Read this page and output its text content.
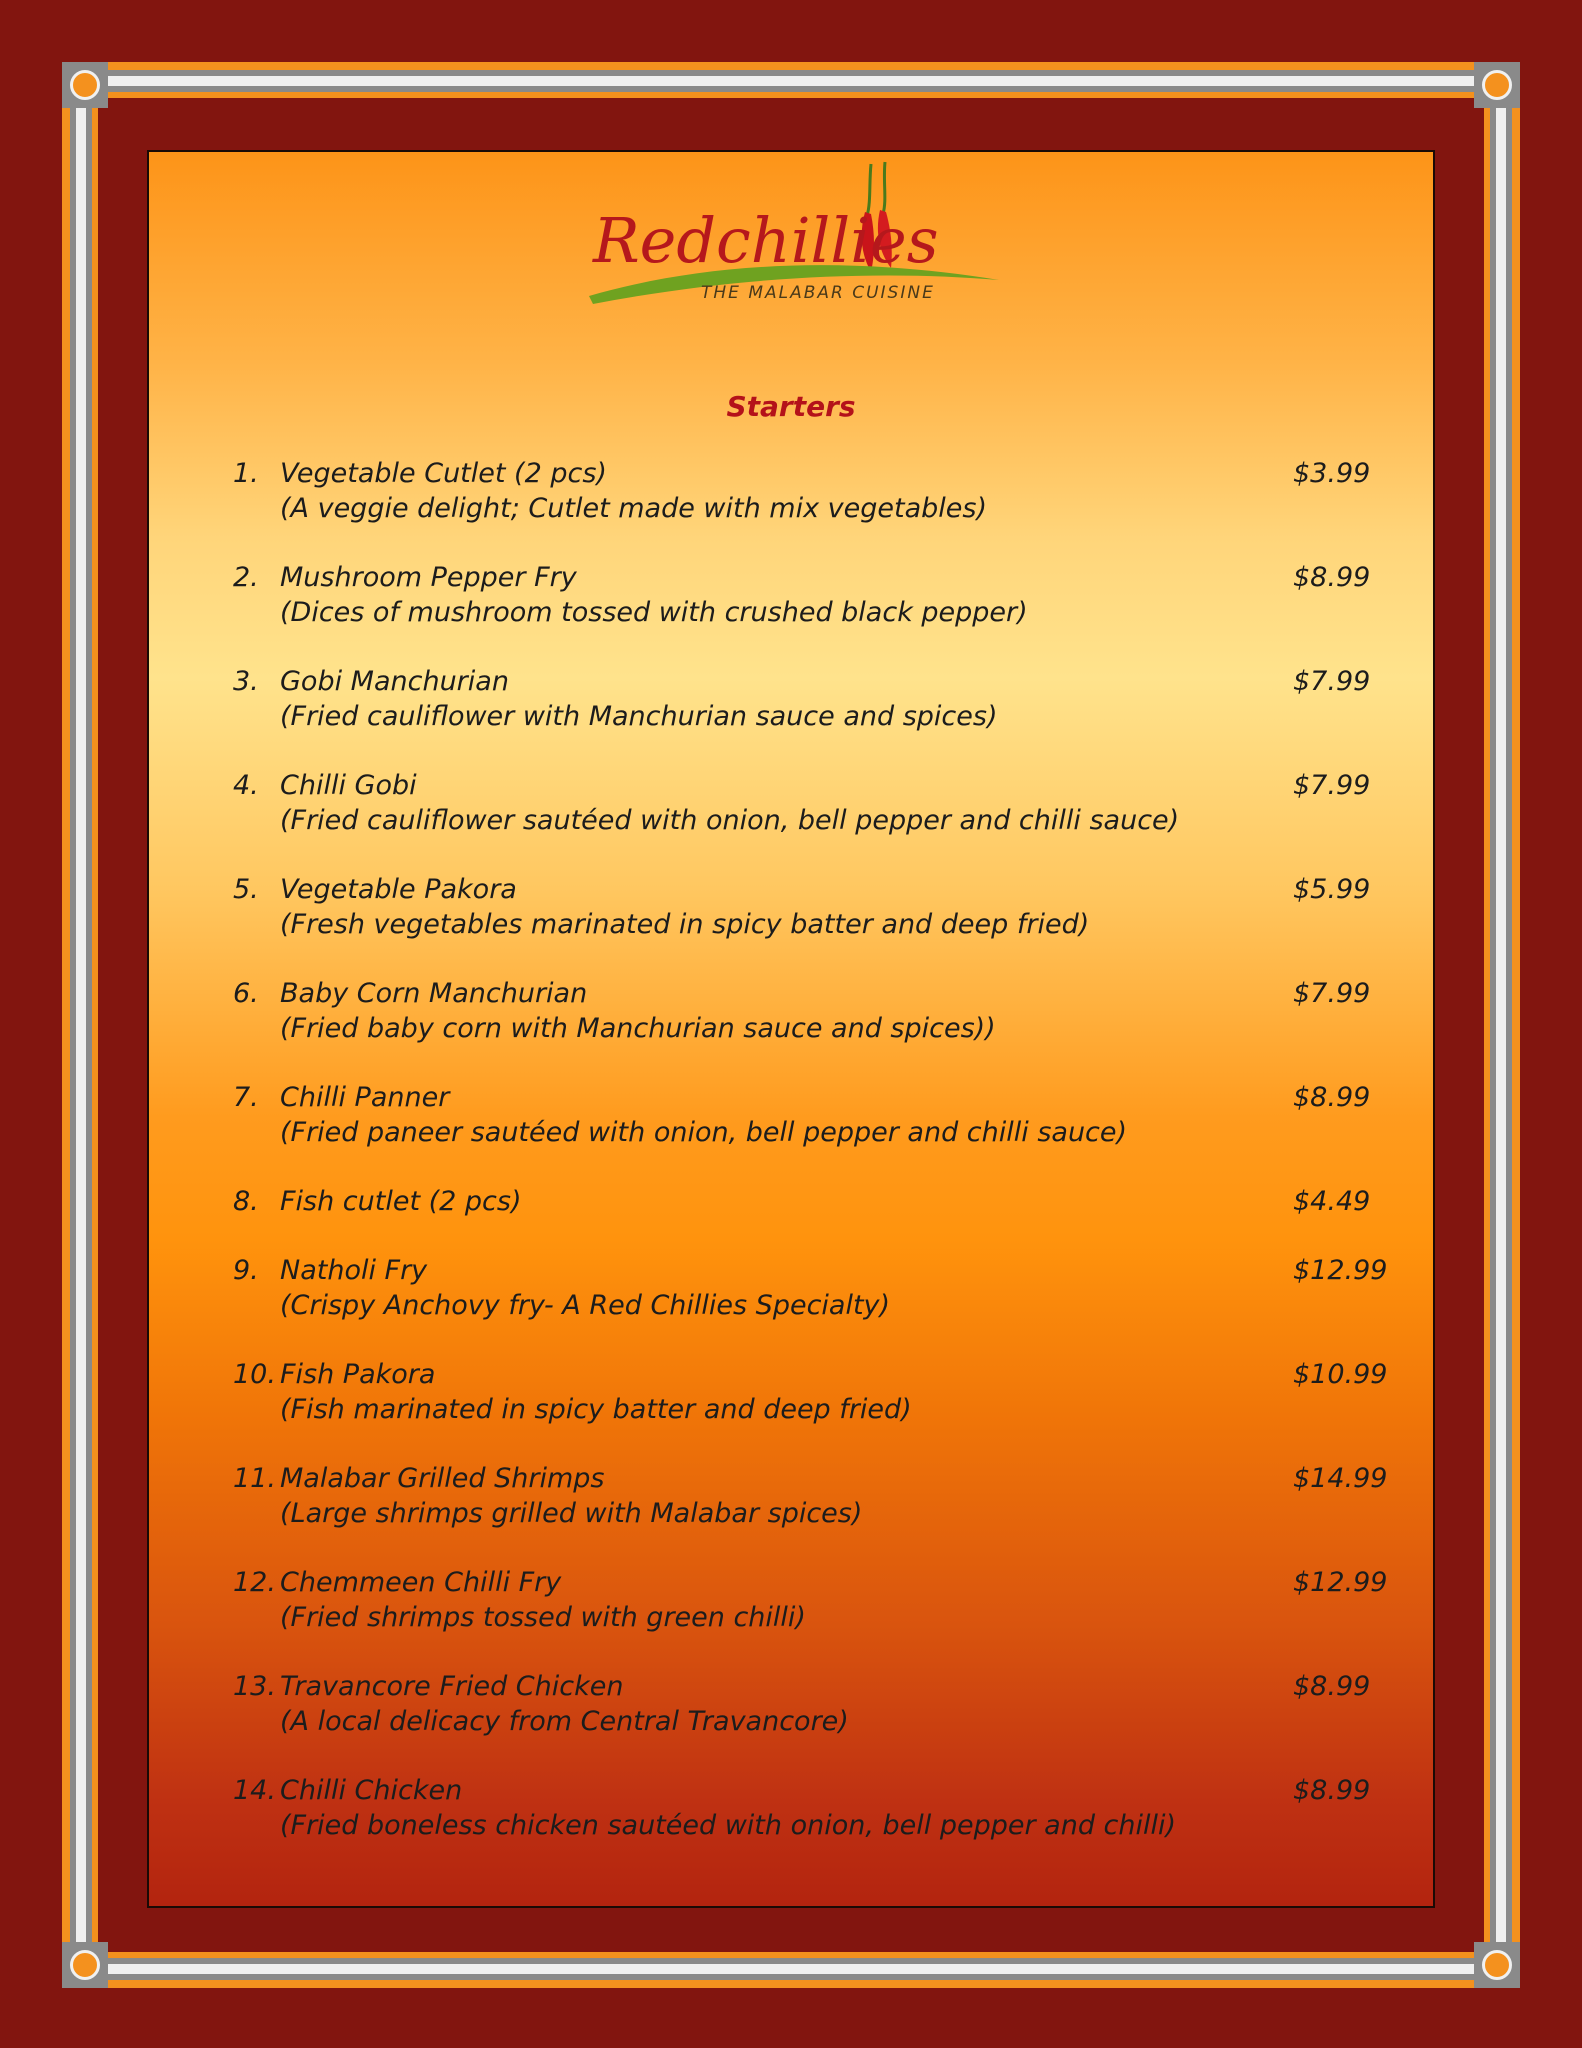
Redchillies
THE MALABAR CUISINE
Starters
1. Vegetable Cutlet (2 pcs)	$3.99
(A veggie delight; Cutlet made with mix vegetables)
2. Mushroom Pepper Fry	$8.99
(Dices of mushroom tossed with crushed black pepper)
3. Gobi Manchurian	$7.99
(Fried cauliflower with Manchurian sauce and spices)
4. Chilli Gobi	$7.99
(Fried cauliflower sautéed with onion, bell pepper and chilli sauce)
5. Vegetable Pakora	$5.99
(Fresh vegetables marinated in spicy batter and deep fried)
6. Baby Corn Manchurian	$7.99
(Fried baby corn with Manchurian sauce and spices))
7. Chilli Panner	$8.99
(Fried paneer sautéed with onion, bell pepper and chilli sauce)
8. Fish cutlet (2 pcs)	$4.49
9. Natholi Fry	$12.99
(Crispy Anchovy fry- A Red Chillies Specialty)
10. Fish Pakora	$10.99
(Fish marinated in spicy batter and deep fried)
11. Malabar Grilled Shrimps	$14.99
(Large shrimps grilled with Malabar spices)
12. Chemmeen Chilli Fry	$12.99
(Fried shrimps tossed with green chilli)
13. Travancore Fried Chicken	$8.99
(A local delicacy from Central Travancore)
14. Chilli Chicken	$8.99
(Fried boneless chicken sautéed with onion, bell pepper and chilli)
